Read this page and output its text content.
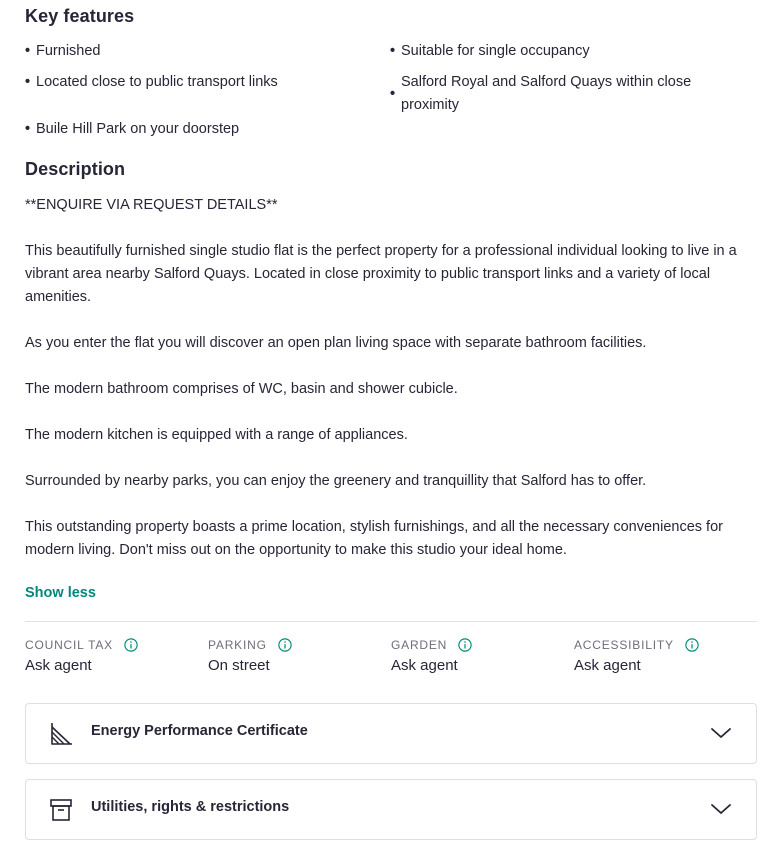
Key features
• Furnished	• Suitable for single occupancy
• Located close to public transport links
•
Salford Royal and Salford Quays within close proximity
• Buile Hill Park on your doorstep
Description

**ENQUIRE VIA REQUEST DETAILS**

This beautifully furnished single studio flat is the perfect property for a professional individual looking to live in a vibrant area nearby Salford Quays. Located in close proximity to public transport links and a variety of local amenities.

As you enter the flat you will discover an open plan living space with separate bathroom facilities.

The modern bathroom comprises of WC, basin and shower cubicle.

The modern kitchen is equipped with a range of appliances.

Surrounded by nearby parks, you can enjoy the greenery and tranquillity that Salford has to offer.

This outstanding property boasts a prime location, stylish furnishings, and all the necessary conveniences for modern living. Don't miss out on the opportunity to make this studio your ideal home.

Show less
COUNCIL TAX
Ask agent
PARKING
On street
GARDEN
Ask agent
ACCESSIBILITY
Ask agent
Energy Performance Certificate
Utilities, rights & restrictions
